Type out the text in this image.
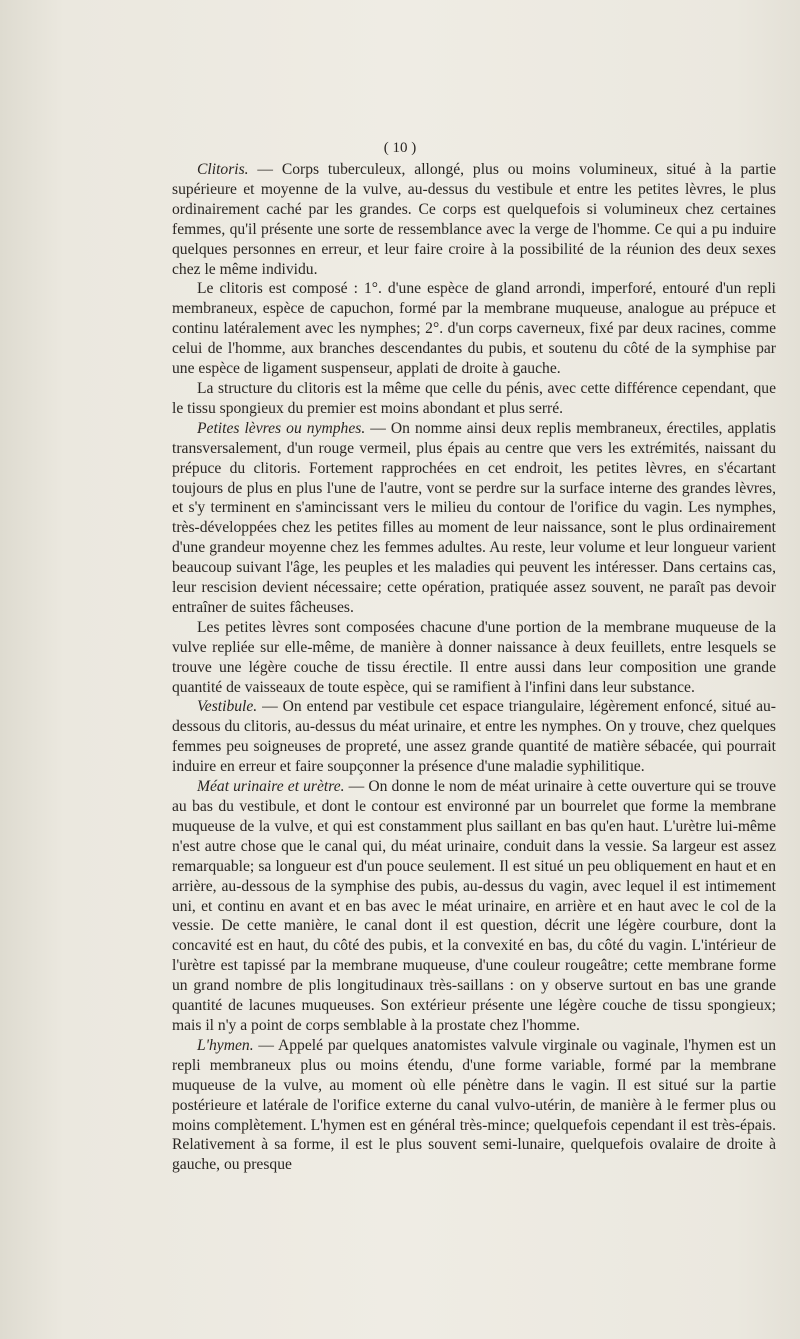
( 10 )

Clitoris. — Corps tuberculeux, allongé, plus ou moins volumineux, situé à la partie supérieure et moyenne de la vulve, au-dessus du vestibule et entre les petites lèvres, le plus ordinairement caché par les grandes. Ce corps est quelquefois si volumineux chez certaines femmes, qu'il présente une sorte de ressemblance avec la verge de l'homme. Ce qui a pu induire quelques personnes en erreur, et leur faire croire à la possibilité de la réunion des deux sexes chez le même individu.

Le clitoris est composé : 1°. d'une espèce de gland arrondi, imperforé, entouré d'un repli membraneux, espèce de capuchon, formé par la membrane muqueuse, analogue au prépuce et continu latéralement avec les nymphes; 2°. d'un corps caverneux, fixé par deux racines, comme celui de l'homme, aux branches descendantes du pubis, et soutenu du côté de la symphise par une espèce de ligament suspenseur, applati de droite à gauche.

La structure du clitoris est la même que celle du pénis, avec cette différence cependant, que le tissu spongieux du premier est moins abondant et plus serré.

Petites lèvres ou nymphes. — On nomme ainsi deux replis membraneux, érectiles, applatis transversalement, d'un rouge vermeil, plus épais au centre que vers les extrémités, naissant du prépuce du clitoris. Fortement rapprochées en cet endroit, les petites lèvres, en s'écartant toujours de plus en plus l'une de l'autre, vont se perdre sur la surface interne des grandes lèvres, et s'y terminent en s'amincissant vers le milieu du contour de l'orifice du vagin. Les nymphes, très-développées chez les petites filles au moment de leur naissance, sont le plus ordinairement d'une grandeur moyenne chez les femmes adultes. Au reste, leur volume et leur longueur varient beaucoup suivant l'âge, les peuples et les maladies qui peuvent les intéresser. Dans certains cas, leur rescision devient nécessaire; cette opération, pratiquée assez souvent, ne paraît pas devoir entraîner de suites fâcheuses.

Les petites lèvres sont composées chacune d'une portion de la membrane muqueuse de la vulve repliée sur elle-même, de manière à donner naissance à deux feuillets, entre lesquels se trouve une légère couche de tissu érectile. Il entre aussi dans leur composition une grande quantité de vaisseaux de toute espèce, qui se ramifient à l'infini dans leur substance.

Vestibule. — On entend par vestibule cet espace triangulaire, légèrement enfoncé, situé au-dessous du clitoris, au-dessus du méat urinaire, et entre les nymphes. On y trouve, chez quelques femmes peu soigneuses de propreté, une assez grande quantité de matière sébacée, qui pourrait induire en erreur et faire soupçonner la présence d'une maladie syphilitique.

Méat urinaire et urètre. — On donne le nom de méat urinaire à cette ouverture qui se trouve au bas du vestibule, et dont le contour est environné par un bourrelet que forme la membrane muqueuse de la vulve, et qui est constamment plus saillant en bas qu'en haut. L'urètre lui-même n'est autre chose que le canal qui, du méat urinaire, conduit dans la vessie. Sa largeur est assez remarquable; sa longueur est d'un pouce seulement. Il est situé un peu obliquement en haut et en arrière, au-dessous de la symphise des pubis, au-dessus du vagin, avec lequel il est intimement uni, et continu en avant et en bas avec le méat urinaire, en arrière et en haut avec le col de la vessie. De cette manière, le canal dont il est question, décrit une légère courbure, dont la concavité est en haut, du côté des pubis, et la convexité en bas, du côté du vagin. L'intérieur de l'urètre est tapissé par la membrane muqueuse, d'une couleur rougeâtre; cette membrane forme un grand nombre de plis longitudinaux très-saillans : on y observe surtout en bas une grande quantité de lacunes muqueuses. Son extérieur présente une légère couche de tissu spongieux; mais il n'y a point de corps semblable à la prostate chez l'homme.

L'hymen. — Appelé par quelques anatomistes valvule virginale ou vaginale, l'hymen est un repli membraneux plus ou moins étendu, d'une forme variable, formé par la membrane muqueuse de la vulve, au moment où elle pénètre dans le vagin. Il est situé sur la partie postérieure et latérale de l'orifice externe du canal vulvo-utérin, de manière à le fermer plus ou moins complètement. L'hymen est en général très-mince; quelquefois cependant il est très-épais. Relativement à sa forme, il est le plus souvent semi-lunaire, quelquefois ovalaire de droite à gauche, ou presque
